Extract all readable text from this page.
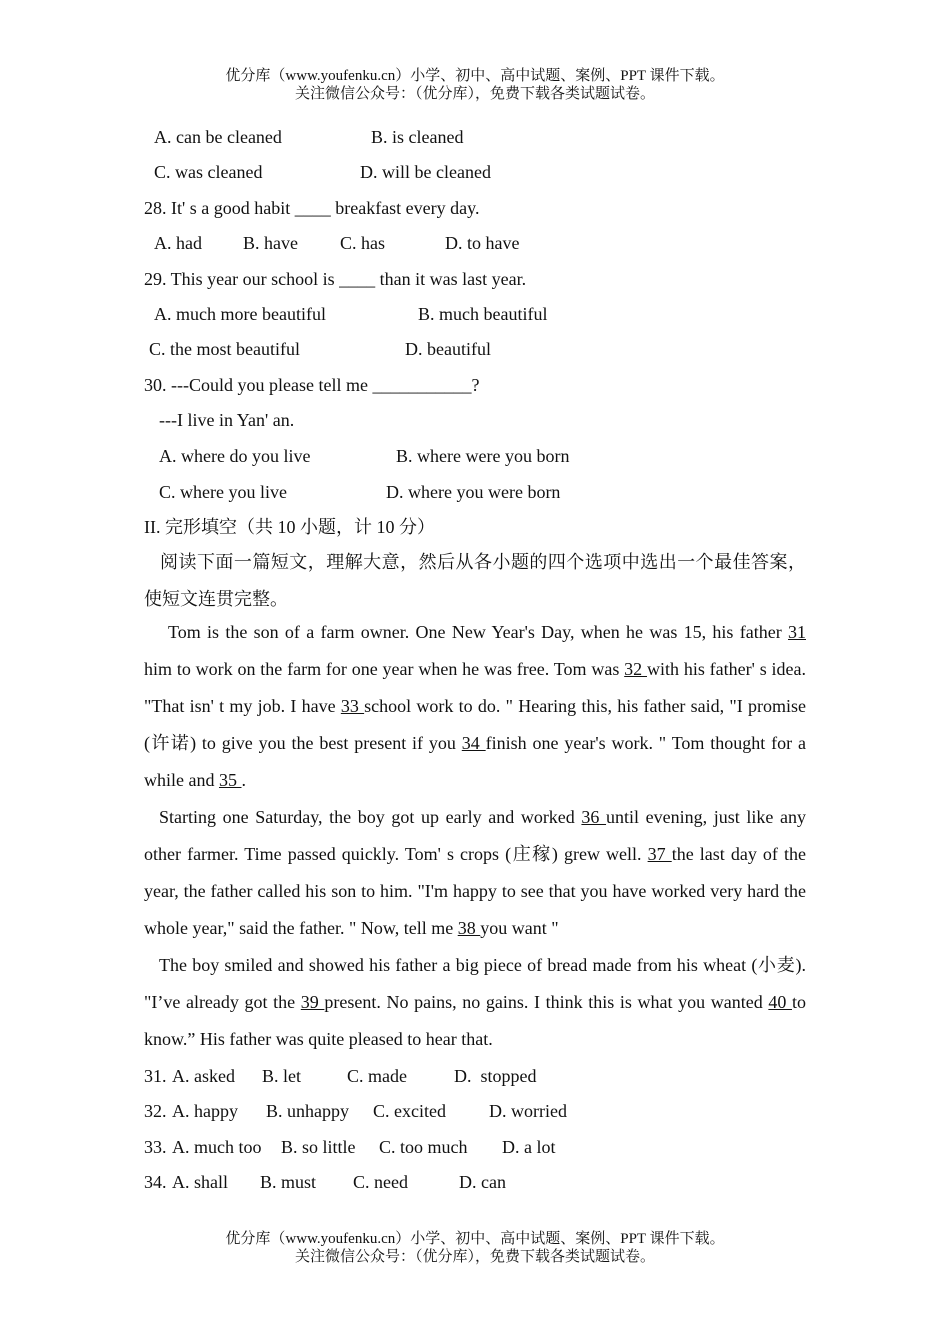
优分库（www.youfenku.cn）小学、初中、高中试题、案例、PPT 课件下载。
关注微信公众号：（优分库），免费下载各类试题试卷。
A. can be cleaned	B. is cleaned
C. was cleaned	D. will be cleaned
28. It' s a good habit ____ breakfast every day.
A. had B. have C. has	D. to have
29. This year our school is ____ than it was last year.
A. much more beautiful	B. much beautiful
C. the most beautiful	D. beautiful
30. ---Could you please tell me ___________?
---I live in Yan' an.
A. where do you live	B. where were you born
C. where you live	D. where you were born
II. 完形填空（共 10 小题，计 10 分）
阅读下面一篇短文，理解大意，然后从各小题的四个选项中选出一个最佳答案，使短文连贯完整。
Tom is the son of a farm owner. One New Year's Day, when he was 15, his father 31 him to work on the farm for one year when he was free. Tom was 32 with his father' s idea. "That isn' t my job. I have 33 school work to do. " Hearing this, his father said, "I promise (许诺) to give you the best present if you 34 finish one year's work. " Tom thought for a while and 35 .
Starting one Saturday, the boy got up early and worked 36 until evening, just like any other farmer. Time passed quickly. Tom' s crops (庄稼) grew well. 37 the last day of the year, the father called his son to him. "I'm happy to see that you have worked very hard the whole year," said the father. " Now, tell me 38 you want "
The boy smiled and showed his father a big piece of bread made from his wheat (小麦). "I’ve already got the 39 present. No pains, no gains. I think this is what you wanted 40 to know.” His father was quite pleased to hear that.
31. A. asked B. let	C. made	D.  stopped
32. A. happy B. unhappy C. excited D. worried
33. A. much too B. so little C. too much D. a lot
34. A. shall B. must C. need	D. can
优分库（www.youfenku.cn）小学、初中、高中试题、案例、PPT 课件下载。
关注微信公众号：（优分库），免费下载各类试题试卷。
